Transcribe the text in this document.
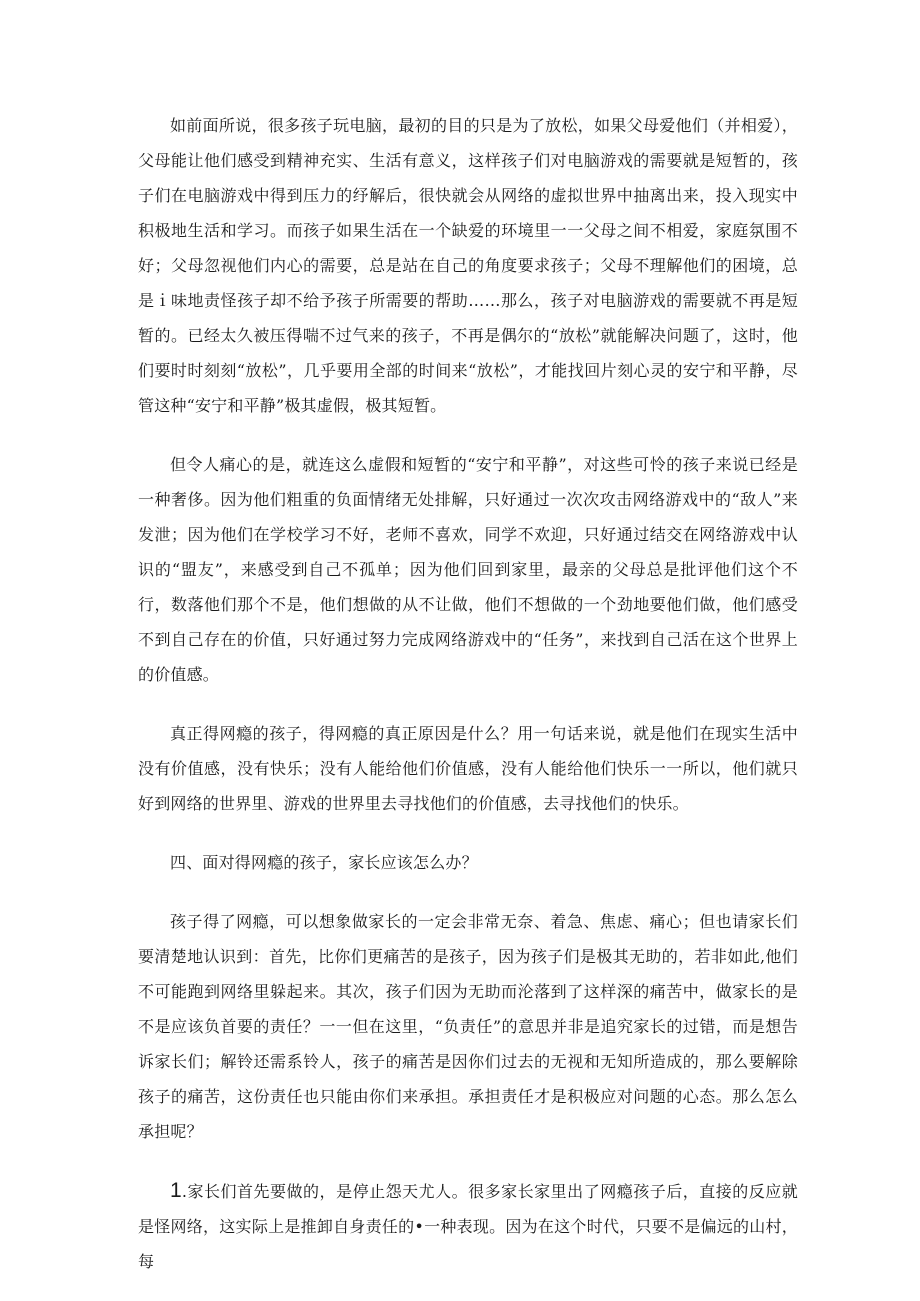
如前面所说，很多孩子玩电脑，最初的目的只是为了放松，如果父母爱他们（并相爱），父母能让他们感受到精神充实、生活有意义，这样孩子们对电脑游戏的需要就是短暂的，孩子们在电脑游戏中得到压力的纾解后，很快就会从网络的虚拟世界中抽离出来，投入现实中积极地生活和学习。而孩子如果生活在一个缺爱的环境里一一父母之间不相爱，家庭氛围不好；父母忽视他们内心的需要，总是站在自己的角度要求孩子；父母不理解他们的困境，总是ｉ味地责怪孩子却不给予孩子所需要的帮助……那么，孩子对电脑游戏的需要就不再是短暂的。已经太久被压得喘不过气来的孩子，不再是偶尔的“放松”就能解决问题了，这时，他们要时时刻刻“放松”，几乎要用全部的时间来“放松”，才能找回片刻心灵的安宁和平静，尽管这种“安宁和平静”极其虚假，极其短暂。

但令人痛心的是，就连这么虚假和短暂的“安宁和平静”，对这些可怜的孩子来说已经是一种奢侈。因为他们粗重的负面情绪无处排解，只好通过一次次攻击网络游戏中的“敌人”来发泄；因为他们在学校学习不好，老师不喜欢，同学不欢迎，只好通过结交在网络游戏中认识的“盟友”，来感受到自己不孤单；因为他们回到家里，最亲的父母总是批评他们这个不行，数落他们那个不是，他们想做的从不让做，他们不想做的一个劲地要他们做，他们感受不到自己存在的价值，只好通过努力完成网络游戏中的“任务”，来找到自己活在这个世界上的价值感。

真正得网瘾的孩子，得网瘾的真正原因是什么？用一句话来说，就是他们在现实生活中没有价值感，没有快乐；没有人能给他们价值感，没有人能给他们快乐一一所以，他们就只好到网络的世界里、游戏的世界里去寻找他们的价值感，去寻找他们的快乐。

四、面对得网瘾的孩子，家长应该怎么办？

孩子得了网瘾，可以想象做家长的一定会非常无奈、着急、焦虑、痛心；但也请家长们要清楚地认识到：首先，比你们更痛苦的是孩子，因为孩子们是极其无助的，若非如此,他们不可能跑到网络里躲起来。其次，孩子们因为无助而沦落到了这样深的痛苦中，做家长的是不是应该负首要的责任？一一但在这里，“负责任”的意思并非是追究家长的过错，而是想告诉家长们；解铃还需系铃人，孩子的痛苦是因你们过去的无视和无知所造成的，那么要解除孩子的痛苦，这份责任也只能由你们来承担。承担责任才是积极应对问题的心态。那么怎么承担呢？

1.家长们首先要做的，是停止怨天尤人。很多家长家里出了网瘾孩子后，直接的反应就是怪网络，这实际上是推卸自身责任的•一种表现。因为在这个时代，只要不是偏远的山村，每
